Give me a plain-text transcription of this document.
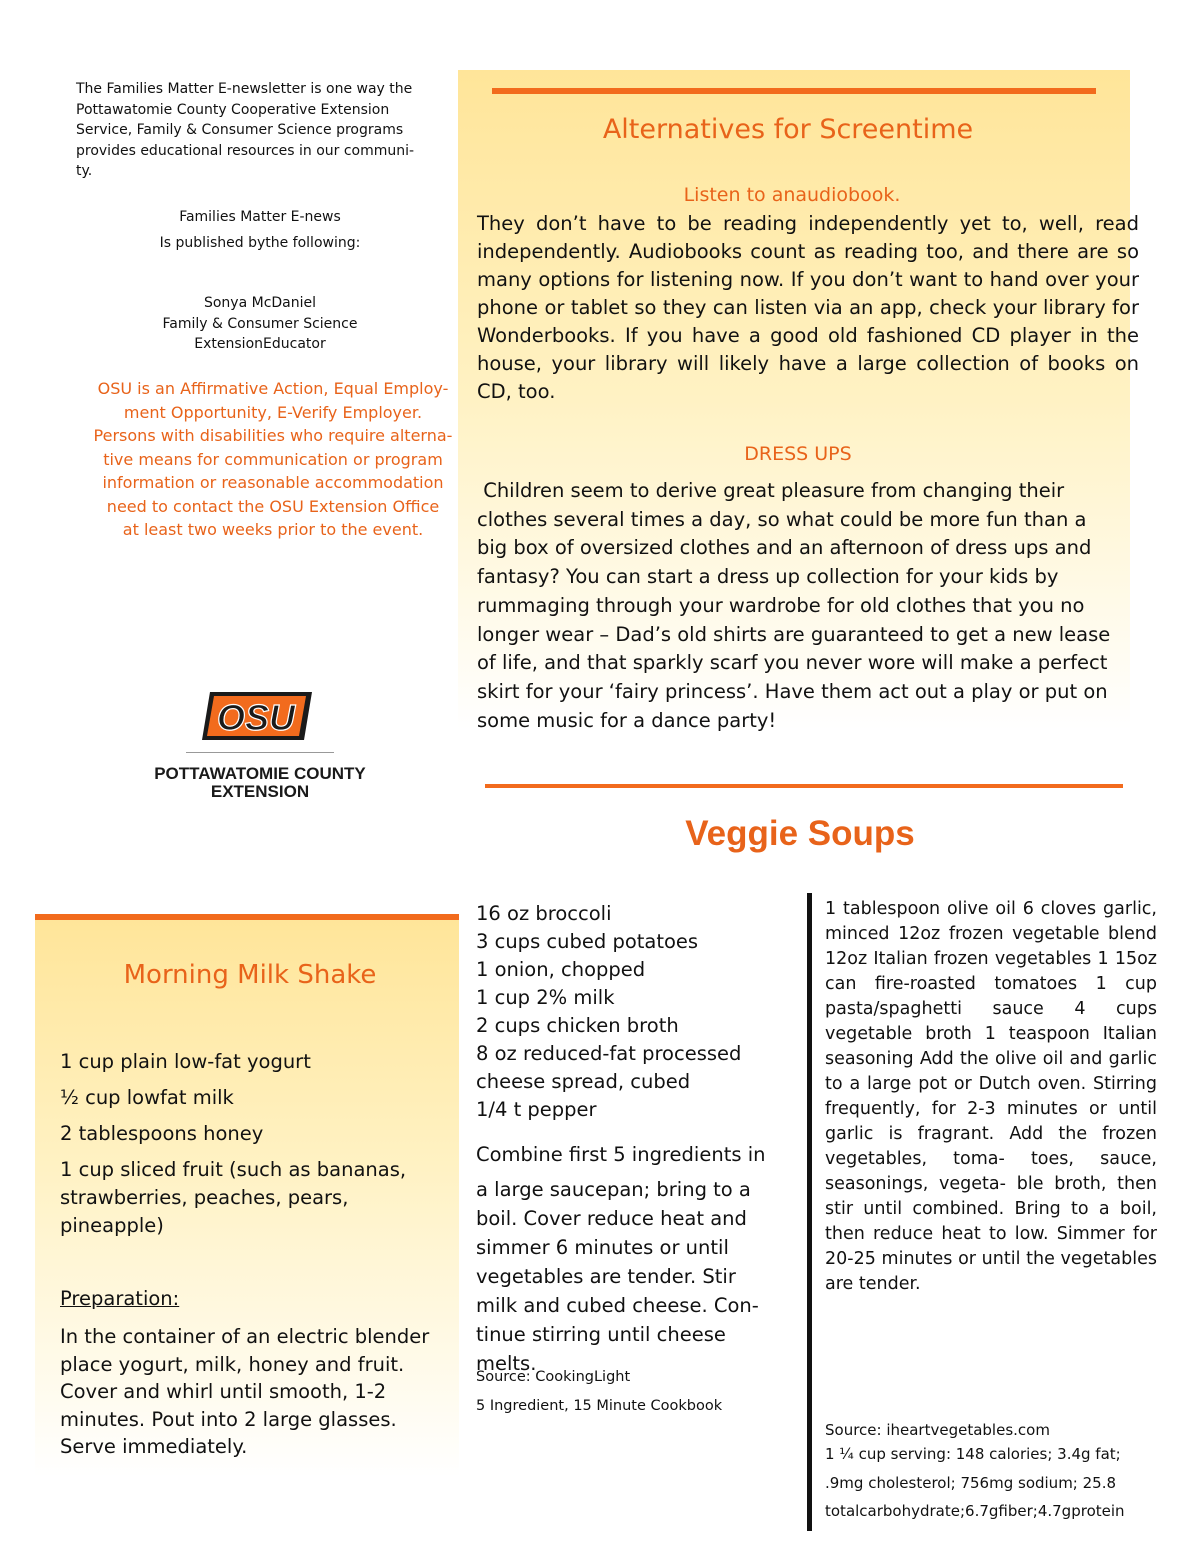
The Families Matter E-newsletter is one way the
Pottawatomie County Cooperative Extension
Service, Family & Consumer Science programs
provides educational resources in our communi-
ty.
Families Matter E-news
Is published bythe following:
Sonya McDaniel
Family & Consumer Science
ExtensionEducator
OSU is an Affirmative Action, Equal Employ-
ment Opportunity, E-Verify Employer.
Persons with disabilities who require alterna-
tive means for communication or program
information or reasonable accommodation
need to contact the OSU Extension Office
at least two weeks prior to the event.
Alternatives for Screentime
Listen to anaudiobook.
They don’t have to be reading independently yet to, well, read independently. Audiobooks count as reading too, and there are so many options for listening now. If you don’t want to hand over your phone or tablet so they can listen via an app, check your library for Wonderbooks. If you have a good old fashioned CD player in the house, your library will likely have a large collection of books on CD, too.
DRESS UPS
Children seem to derive great pleasure from changing their
clothes several times a day, so what could be more fun than a
big box of oversized clothes and an afternoon of dress ups and
fantasy? You can start a dress up collection for your kids by
rummaging through your wardrobe for old clothes that you no
longer wear – Dad’s old shirts are guaranteed to get a new lease
of life, and that sparkly scarf you never wore will make a perfect
skirt for your ‘fairy princess’. Have them act out a play or put on
some music for a dance party!
OSU
POTTAWATOMIE COUNTY
EXTENSION
Veggie Soups
Morning Milk Shake
1 cup plain low-fat yogurt
½ cup lowfat milk
2 tablespoons honey
1 cup sliced fruit (such as bananas, strawberries, peaches, pears, pineapple)
Preparation:
In the container of an electric blender place yogurt, milk, honey and fruit. Cover and whirl until smooth, 1-2 minutes. Pout into 2 large glasses. Serve immediately.
16 oz broccoli
3 cups cubed potatoes
1 onion, chopped
1 cup 2% milk
2 cups chicken broth
8 oz reduced-fat processed cheese spread, cubed
1/4 t pepper
Combine first 5 ingredients in
a large saucepan; bring to a
boil. Cover reduce heat and
simmer 6 minutes or until
vegetables are tender. Stir
milk and cubed cheese. Con-
tinue stirring until cheese
melts.
Source: CookingLight
5 Ingredient, 15 Minute Cookbook
1 tablespoon olive oil 6 cloves garlic, minced 12oz frozen vegetable blend 12oz Italian frozen vegetables 1 15oz can fire-roasted tomatoes 1 cup pasta/spaghetti sauce 4 cups vegetable broth 1 teaspoon Italian seasoning Add the olive oil and garlic to a large pot or Dutch oven. Stirring frequently, for 2-3 minutes or until garlic is fragrant. Add the frozen vegetables, toma- toes, sauce, seasonings, vegeta- ble broth, then stir until combined. Bring to a boil, then reduce heat to low. Simmer for 20-25 minutes or until the vegetables are tender.
Source: iheartvegetables.com
1 ¼ cup serving: 148 calories; 3.4g fat;
.9mg cholesterol; 756mg sodium; 25.8
totalcarbohydrate;6.7gfiber;4.7gprotein
